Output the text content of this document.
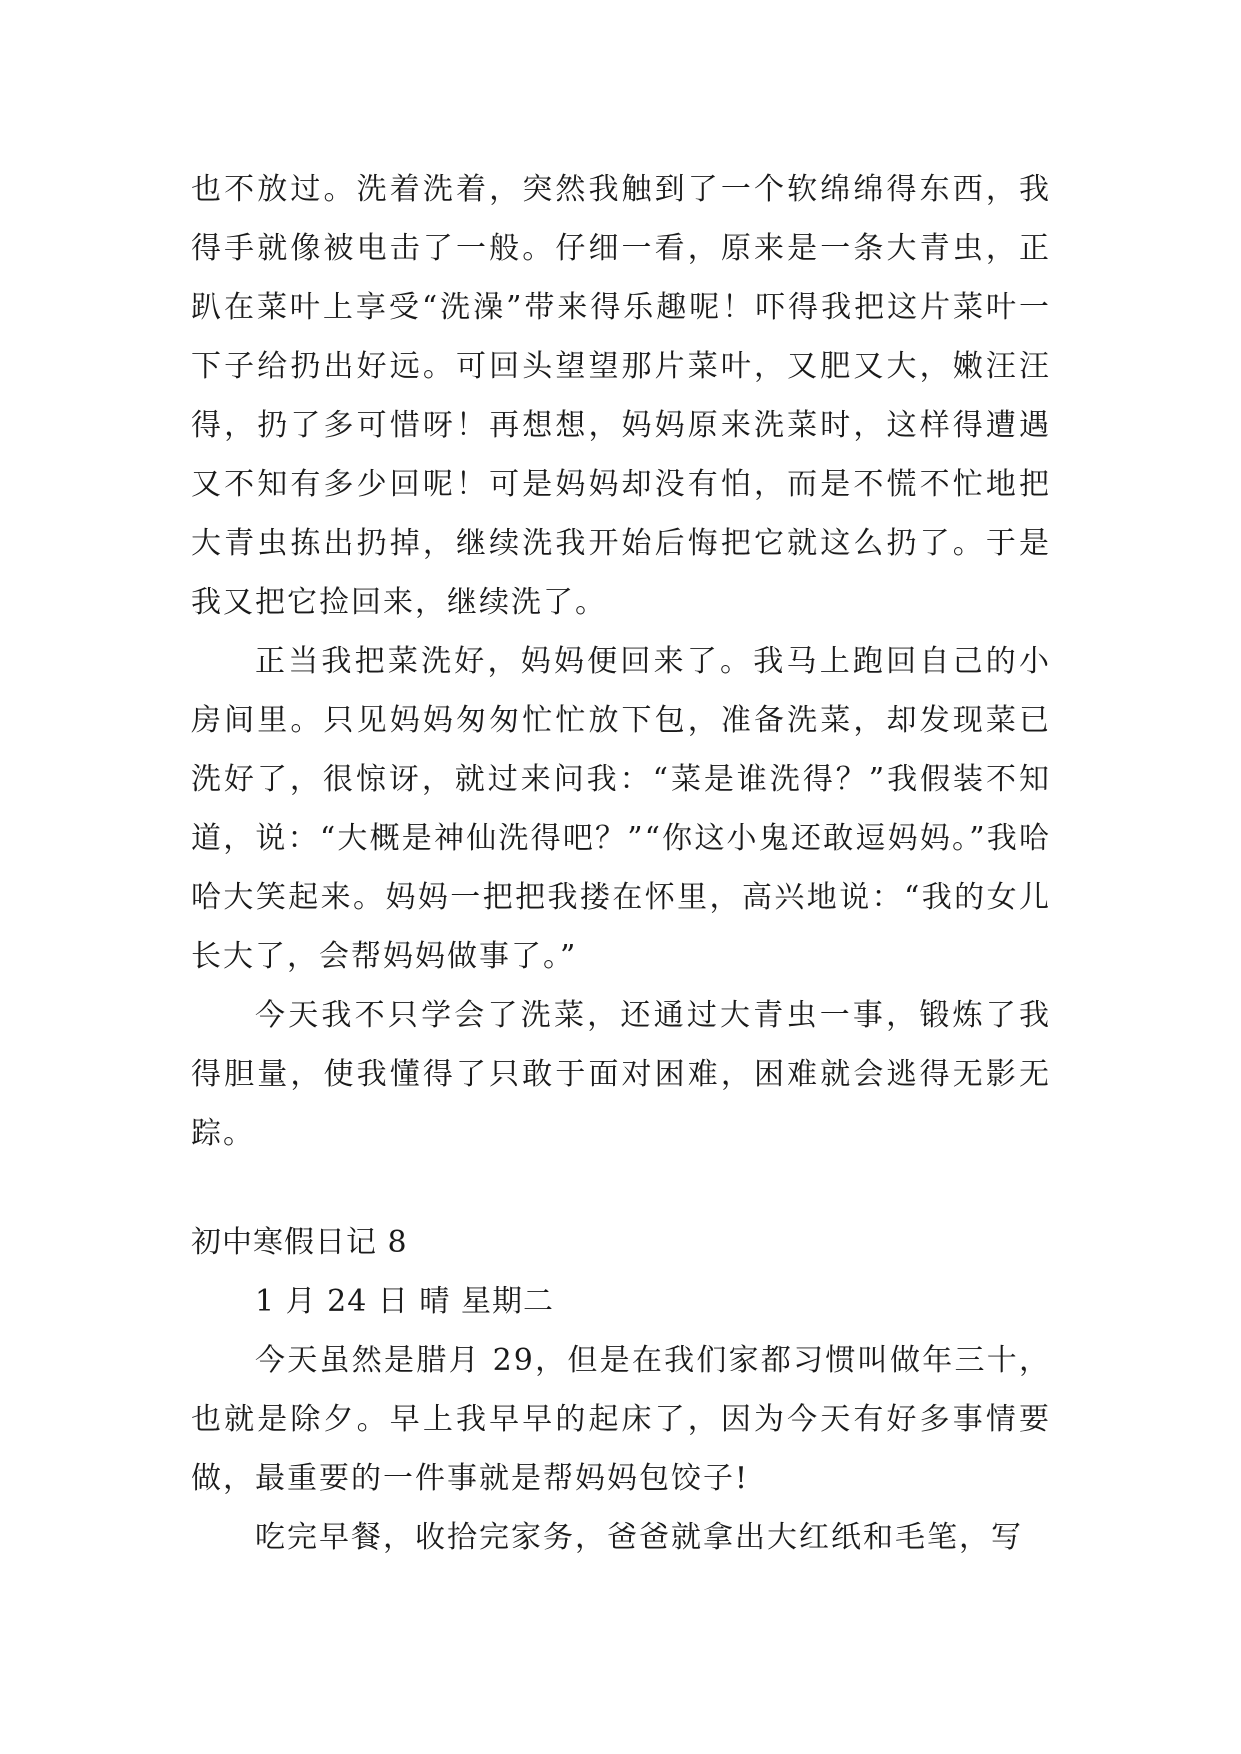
也不放过。洗着洗着，突然我触到了一个软绵绵得东西，我得手就像被电击了一般。仔细一看，原来是一条大青虫，正趴在菜叶上享受“洗澡”带来得乐趣呢！吓得我把这片菜叶一下子给扔出好远。可回头望望那片菜叶，又肥又大，嫩汪汪得，扔了多可惜呀！再想想，妈妈原来洗菜时，这样得遭遇又不知有多少回呢！可是妈妈却没有怕，而是不慌不忙地把大青虫拣出扔掉，继续洗我开始后悔把它就这么扔了。于是我又把它捡回来，继续洗了。

正当我把菜洗好，妈妈便回来了。我马上跑回自己的小房间里。只见妈妈匆匆忙忙放下包，准备洗菜，却发现菜已洗好了，很惊讶，就过来问我：“菜是谁洗得？”我假装不知道，说：“大概是神仙洗得吧？”“你这小鬼还敢逗妈妈。”我哈哈大笑起来。妈妈一把把我搂在怀里，高兴地说：“我的女儿长大了，会帮妈妈做事了。”

今天我不只学会了洗菜，还通过大青虫一事，锻炼了我得胆量，使我懂得了只敢于面对困难，困难就会逃得无影无踪。

初中寒假日记 8

1 月 24 日 晴 星期二

今天虽然是腊月 29，但是在我们家都习惯叫做年三十，也就是除夕。早上我早早的起床了，因为今天有好多事情要做，最重要的一件事就是帮妈妈包饺子!

吃完早餐，收拾完家务，爸爸就拿出大红纸和毛笔，写
